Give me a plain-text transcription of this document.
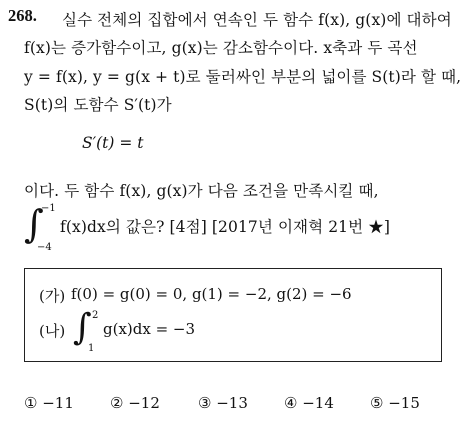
268. 실수 전체의 집합에서 연속인 두 함수 f(x), g(x)에 대하여
f(x)는 증가함수이고, g(x)는 감소함수이다. x축과 두 곡선
y = f(x), y = g(x + t)로 둘러싸인 부분의 넓이를 S(t)라 할 때,
S(t)의 도함수 S′(t)가
S′(t) = t
이다. 두 함수 f(x), g(x)가 다음 조건을 만족시킬 때,
∫
−1
−4
f(x)dx의 값은? [4점] [2017년 이재혁 21번 ★]
(가) f(0) = g(0) = 0, g(1) = −2, g(2) = −6
(나) ∫ 2
1
g(x)dx = −3
① −11 ② −12	③ −13 ④ −14 ⑤ −15
